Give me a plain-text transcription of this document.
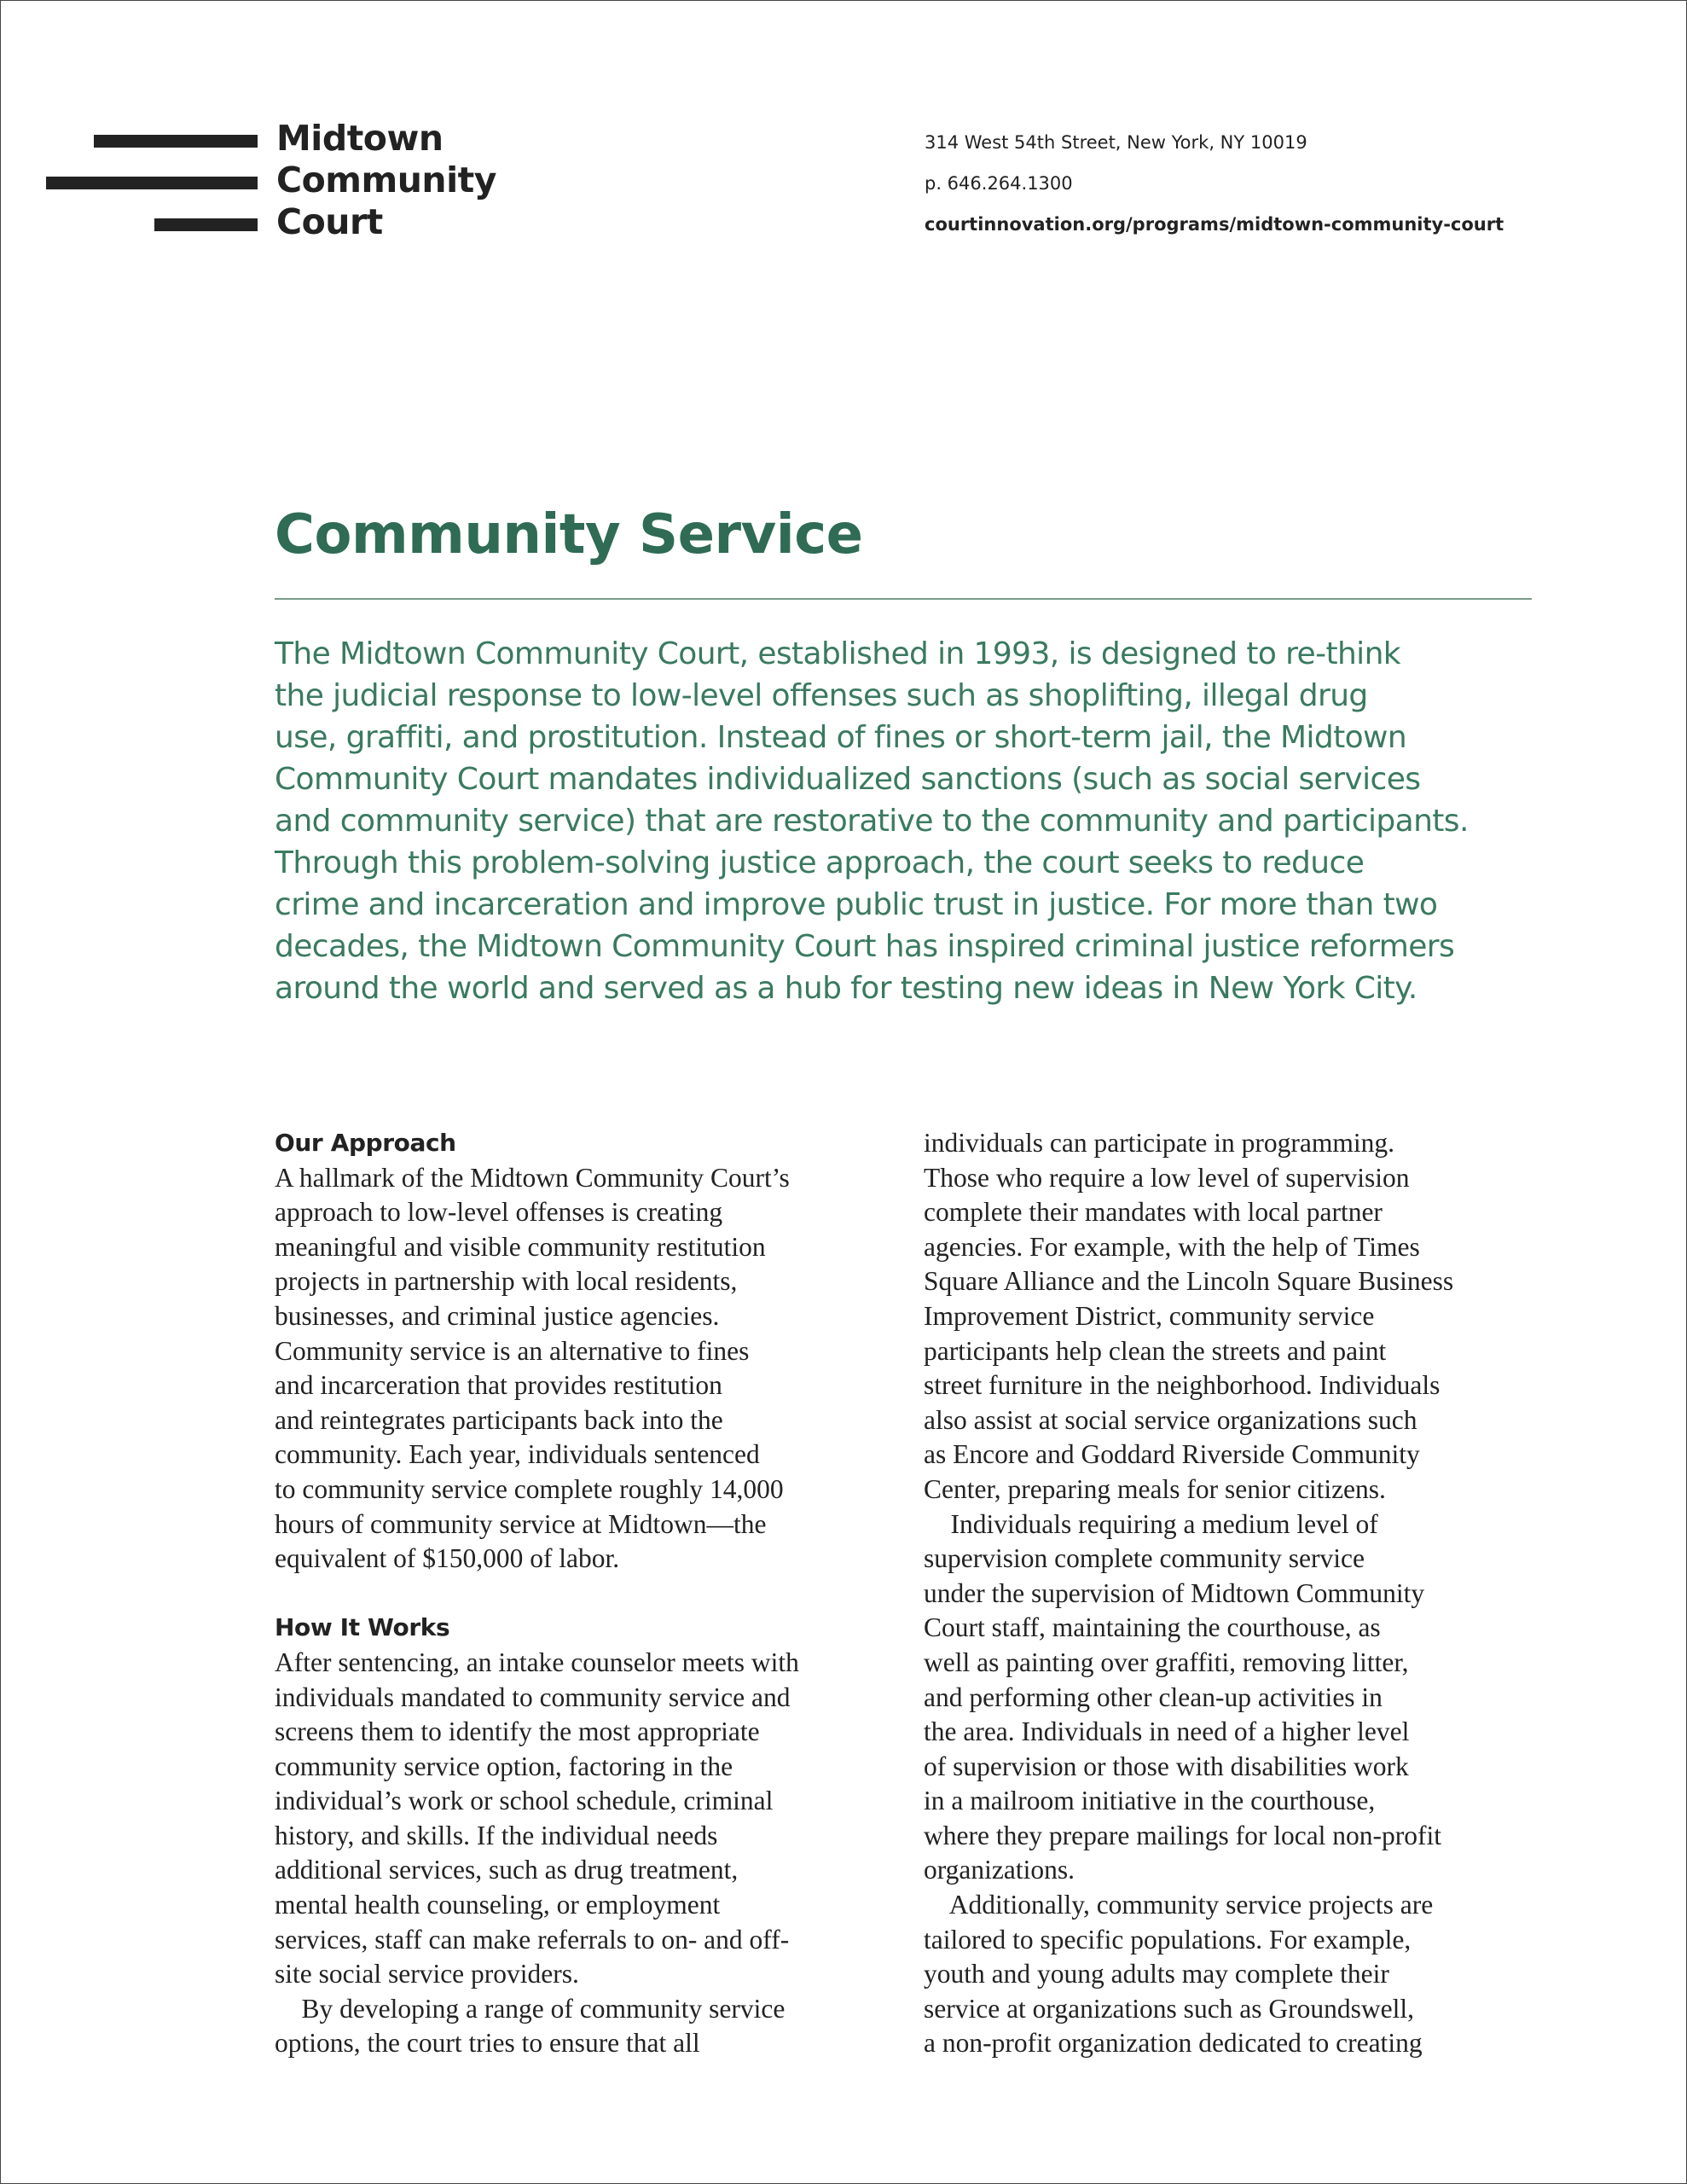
Midtown
Community
Court
314 West 54th Street, New York, NY 10019
p. 646.264.1300
courtinnovation.org/programs/midtown-community-court
Community Service
The Midtown Community Court, established in 1993, is designed to re-think
the judicial response to low-level offenses such as shoplifting, illegal drug
use, graffiti, and prostitution. Instead of fines or short-term jail, the Midtown
Community Court mandates individualized sanctions (such as social services
and community service) that are restorative to the community and participants.
Through this problem-solving justice approach, the court seeks to reduce
crime and incarceration and improve public trust in justice. For more than two
decades, the Midtown Community Court has inspired criminal justice reformers
around the world and served as a hub for testing new ideas in New York City.
Our Approach
A hallmark of the Midtown Community Court’s
approach to low-level offenses is creating
meaningful and visible community restitution
projects in partnership with local residents,
businesses, and criminal justice agencies.
Community service is an alternative to fines
and incarceration that provides restitution
and reintegrates participants back into the
community. Each year, individuals sentenced
to community service complete roughly 14,000
hours of community service at Midtown—the
equivalent of $150,000 of labor.
How It Works
After sentencing, an intake counselor meets with
individuals mandated to community service and
screens them to identify the most appropriate
community service option, factoring in the
individual’s work or school schedule, criminal
history, and skills. If the individual needs
additional services, such as drug treatment,
mental health counseling, or employment
services, staff can make referrals to on- and off-
site social service providers.
By developing a range of community service
options, the court tries to ensure that all
individuals can participate in programming.
Those who require a low level of supervision
complete their mandates with local partner
agencies. For example, with the help of Times
Square Alliance and the Lincoln Square Business
Improvement District, community service
participants help clean the streets and paint
street furniture in the neighborhood. Individuals
also assist at social service organizations such
as Encore and Goddard Riverside Community
Center, preparing meals for senior citizens.
Individuals requiring a medium level of
supervision complete community service
under the supervision of Midtown Community
Court staff, maintaining the courthouse, as
well as painting over graffiti, removing litter,
and performing other clean-up activities in
the area. Individuals in need of a higher level
of supervision or those with disabilities work
in a mailroom initiative in the courthouse,
where they prepare mailings for local non-profit
organizations.
Additionally, community service projects are
tailored to specific populations. For example,
youth and young adults may complete their
service at organizations such as Groundswell,
a non-profit organization dedicated to creating
